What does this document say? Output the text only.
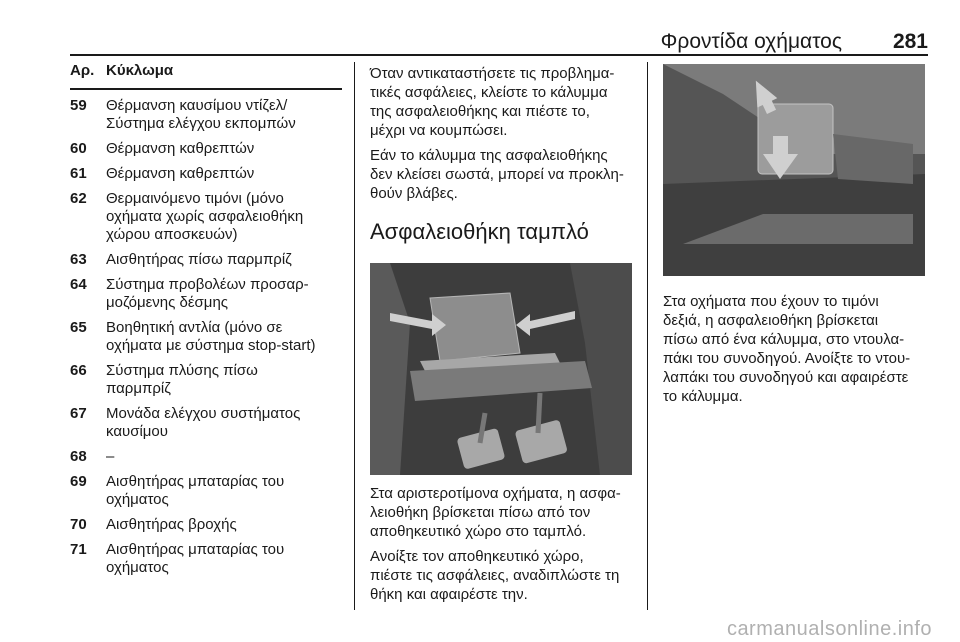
Φροντίδα οχήματος 281
Αρ. Κύκλωμα
59	Θέρμανση καυσίμου ντίζελ/
Σύστημα ελέγχου εκπομπών
60	Θέρμανση καθρεπτών
61	Θέρμανση καθρεπτών
62	Θερμαινόμενο τιμόνι (μόνο
οχήματα χωρίς ασφαλειοθήκη
χώρου αποσκευών)
63	Αισθητήρας πίσω παρμπρίζ
64	Σύστημα προβολέων προσαρ-
μοζόμενης δέσμης
65	Βοηθητική αντλία (μόνο σε
οχήματα με σύστημα stop-start)
66	Σύστημα πλύσης πίσω
παρμπρίζ
67	Μονάδα ελέγχου συστήματος
καυσίμου
68	–
69	Αισθητήρας μπαταρίας του
οχήματος
70	Αισθητήρας βροχής
71	Αισθητήρας μπαταρίας του
οχήματος

Όταν αντικαταστήσετε τις προβλημα-
τικές ασφάλειες, κλείστε το κάλυμμα
της ασφαλειοθήκης και πιέστε το,
μέχρι να κουμπώσει.

Εάν το κάλυμμα της ασφαλειοθήκης
δεν κλείσει σωστά, μπορεί να προκλη-
θούν βλάβες.

Ασφαλειοθήκη ταμπλό

Στα αριστεροτίμονα οχήματα, η ασφα-
λειοθήκη βρίσκεται πίσω από τον
αποθηκευτικό χώρο στο ταμπλό.

Ανοίξτε τον αποθηκευτικό χώρο,
πιέστε τις ασφάλειες, αναδιπλώστε τη
θήκη και αφαιρέστε την.

Στα οχήματα που έχουν το τιμόνι
δεξιά, η ασφαλειοθήκη βρίσκεται
πίσω από ένα κάλυμμα, στο ντουλα-
πάκι του συνοδηγού. Ανοίξτε το ντου-
λαπάκι του συνοδηγού και αφαιρέστε
το κάλυμμα.

carmanualsonline.info
